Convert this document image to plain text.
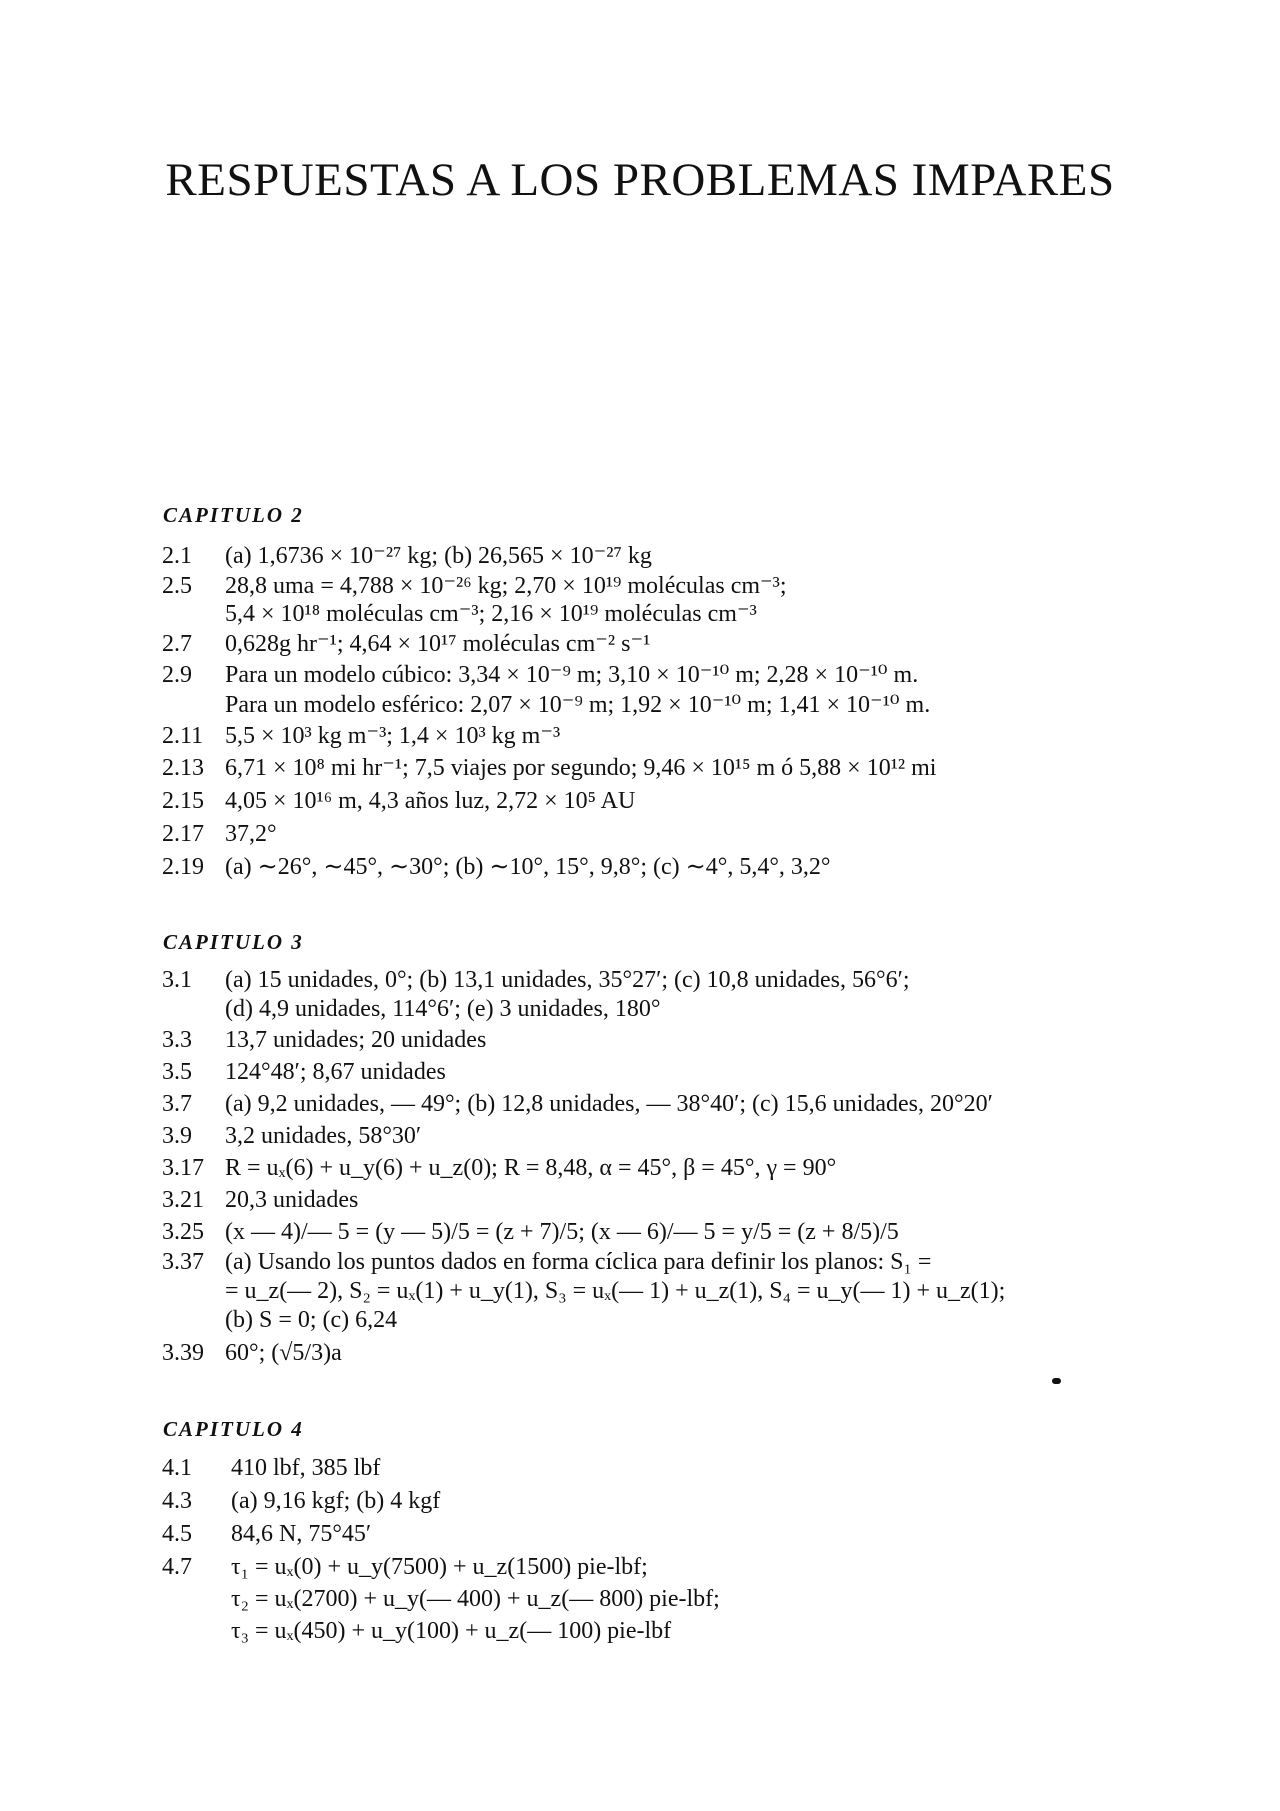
RESPUESTAS A LOS PROBLEMAS IMPARES
CAPITULO 2
2.1	(a) 1,6736 × 10⁻²⁷ kg; (b) 26,565 × 10⁻²⁷ kg
2.5	28,8 uma = 4,788 × 10⁻²⁶ kg; 2,70 × 10¹⁹ moléculas cm⁻³;
5,4 × 10¹⁸ moléculas cm⁻³; 2,16 × 10¹⁹ moléculas cm⁻³
2.7	0,628g hr⁻¹; 4,64 × 10¹⁷ moléculas cm⁻² s⁻¹
2.9	Para un modelo cúbico: 3,34 × 10⁻⁹ m; 3,10 × 10⁻¹⁰ m; 2,28 × 10⁻¹⁰ m.
Para un modelo esférico: 2,07 × 10⁻⁹ m; 1,92 × 10⁻¹⁰ m; 1,41 × 10⁻¹⁰ m.
2.11 5,5 × 10³ kg m⁻³; 1,4 × 10³ kg m⁻³
2.13 6,71 × 10⁸ mi hr⁻¹; 7,5 viajes por segundo; 9,46 × 10¹⁵ m ó 5,88 × 10¹² mi
2.15 4,05 × 10¹⁶ m, 4,3 años luz, 2,72 × 10⁵ AU
2.17 37,2°
2.19 (a) ∼26°, ∼45°, ∼30°; (b) ∼10°, 15°, 9,8°; (c) ∼4°, 5,4°, 3,2°
CAPITULO 3
3.1	(a) 15 unidades, 0°; (b) 13,1 unidades, 35°27′; (c) 10,8 unidades, 56°6′;
(d) 4,9 unidades, 114°6′; (e) 3 unidades, 180°
3.3	13,7 unidades; 20 unidades
3.5	124°48′; 8,67 unidades
3.7	(a) 9,2 unidades, — 49°; (b) 12,8 unidades, — 38°40′; (c) 15,6 unidades, 20°20′
3.9	3,2 unidades, 58°30′
3.17 R = uₓ(6) + u_y(6) + u_z(0); R = 8,48, α = 45°, β = 45°, γ = 90°
3.21 20,3 unidades
3.25 (x — 4)/— 5 = (y — 5)/5 = (z + 7)/5; (x — 6)/— 5 = y/5 = (z + 8/5)/5
3.37 (a) Usando los puntos dados en forma cíclica para definir los planos: S₁ =
= u_z(— 2), S₂ = uₓ(1) + u_y(1), S₃ = uₓ(— 1) + u_z(1), S₄ = u_y(— 1) + u_z(1);
(b) S = 0; (c) 6,24
3.39 60°; (√5/3)a
CAPITULO 4
4.1	410 lbf, 385 lbf
4.3	(a) 9,16 kgf; (b) 4 kgf
4.5	84,6 N, 75°45′
4.7	τ₁ = uₓ(0) + u_y(7500) + u_z(1500) pie-lbf;
τ₂ = uₓ(2700) + u_y(— 400) + u_z(— 800) pie-lbf;
τ₃ = uₓ(450) + u_y(100) + u_z(— 100) pie-lbf
